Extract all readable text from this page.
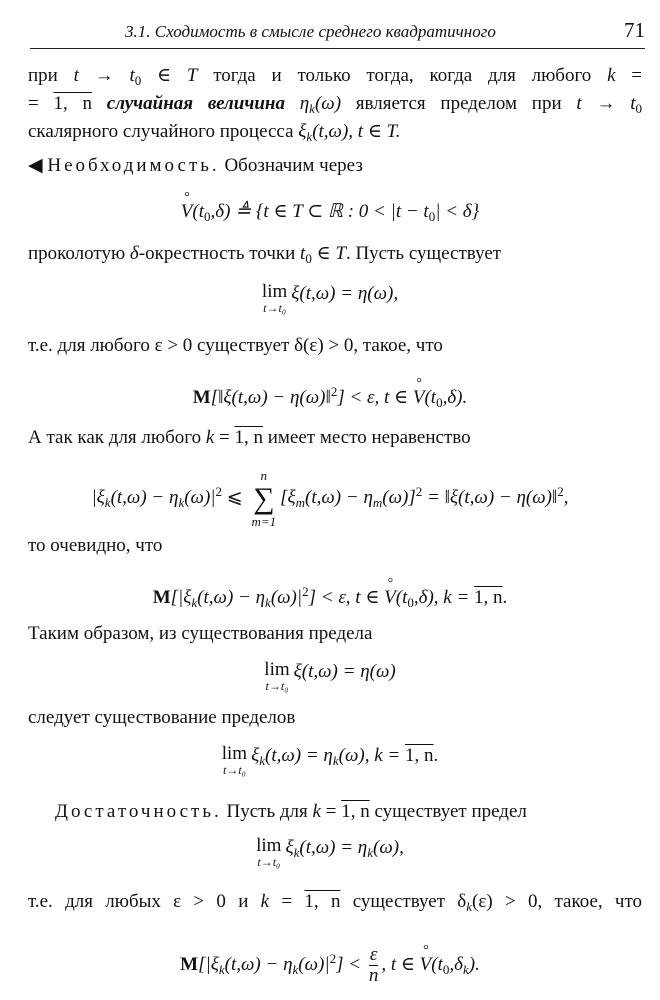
3.1. Сходимость в смысле среднего квадратичного	71
при $t \to t_0$ ∈ T тогда и только тогда, когда для любого k =
= 1, n случайная величина $\eta_k(\omega)$ является пределом при $t \to t_0$
скалярного случайного процесса $\xi_k(t,\omega)$, t ∈ T.
◀ Необходимость. Обозначим через
° $V(t_0,\delta)$ ≜ {t ∈ T ⊂ ℝ : $0 < |t - t_0| < \delta$}
проколотую δ-окрестность точки $t_0$ ∈ T. Пусть существует
lim
t→t₀
ξ(t,ω) = η(ω),
т.е. для любого ε > 0 существует δ(ε) > 0, такое, что
M[‖ξ(t,ω) − η(ω)‖$^2$] < ε, t ∈ ° $V(t_0,\delta)$.
А так как для любого k = 1, n имеет место неравенство
$|\xi_k(t,\omega) - \eta_k(\omega)|^2$ ⩽
n
∑
m=1
$[\xi_m(t,\omega) - \eta_m(\omega)]^2$ = ‖ξ(t,ω) − η(ω)‖$^2$,
то очевидно, что
$M[|\xi_k(t,\omega) - \eta_k(\omega)|^2] < \varepsilon$, t ∈ ° $V(t_0,\delta)$, k = 1, n.
Таким образом, из существования предела
lim
t→t₀
ξ(t,ω) = η(ω)
следует существование пределов
lim
t→t₀
$\xi_k(t,\omega) = \eta_k(\omega)$, k = 1, n.
Достаточность. Пусть для k = 1, n существует предел
lim
t→t₀
$\xi_k(t,\omega) = \eta_k(\omega)$,
т.е. для любых ε > 0 и k = 1, n существует $\delta_k(\varepsilon) > 0$, такое, что
$M[|\xi_k(t,\omega) - \eta_k(\omega)|^2] < \frac{\varepsilon}{n}$ , t ∈ ° $V(t_0,\delta_k)$.
